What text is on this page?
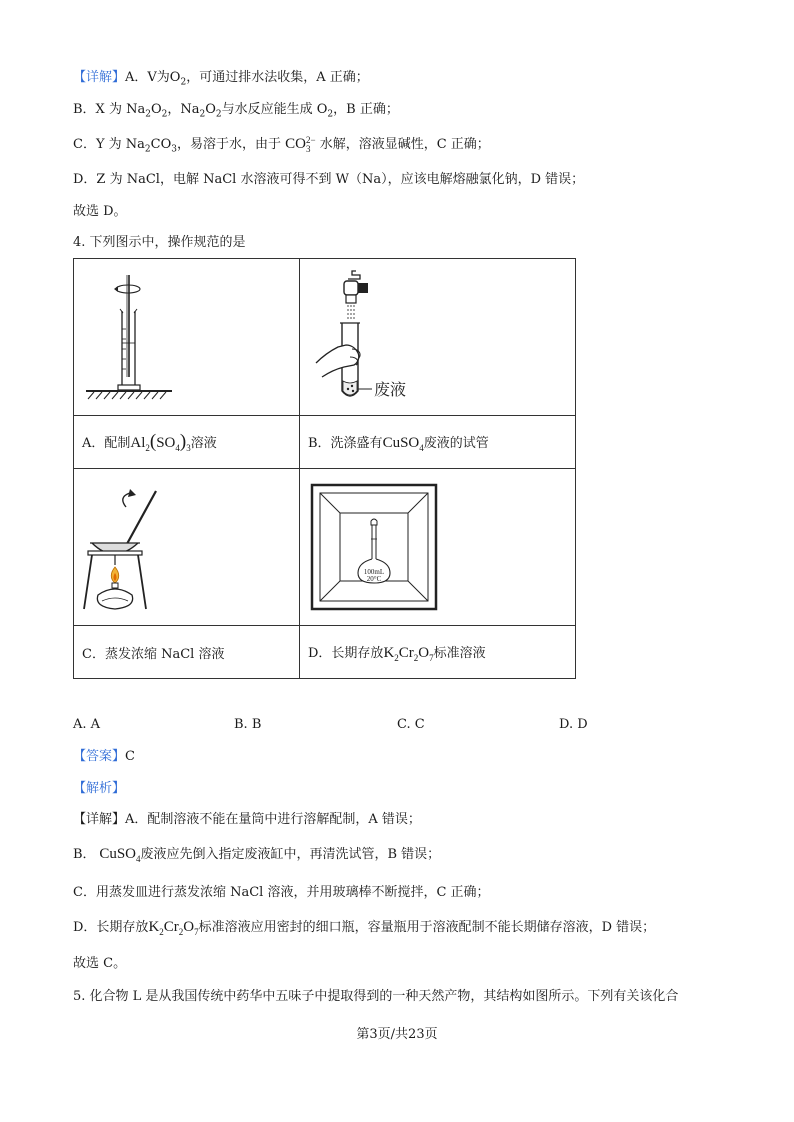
【详解】A．V为$O_2$，可通过排水法收集，A 正确；
B．X 为 $Na_2O_2$，$Na_2O_2$与水反应能生成 $O_2$，B 正确；
C．Y 为 $Na_2CO_3$，易溶于水，由于 CO 2−
3 水解，溶液显碱性，C 正确；
D．Z 为 NaCl，电解 NaCl 水溶液可得不到 W（Na），应该电解熔融氯化钠，D 错误；
故选 D。
4. 下列图示中，操作规范的是

废液

A．配制$Al_2(SO_4)_3$溶液	B．洗涤盛有CuSO$_4$废液的试管

100mL
20°C

C．蒸发浓缩 NaCl 溶液	D．长期存放$K_2Cr_2O_7$标准溶液
A. A	B. B	C. C	D. D
【答案】C
【解析】
【详解】A．配制溶液不能在量筒中进行溶解配制，A 错误；
B． CuSO$_4$废液应先倒入指定废液缸中，再清洗试管，B 错误；
C．用蒸发皿进行蒸发浓缩 NaCl 溶液，并用玻璃棒不断搅拌，C 正确；
D．长期存放$K_2Cr_2O_7$标准溶液应用密封的细口瓶，容量瓶用于溶液配制不能长期储存溶液，D 错误；
故选 C。
5. 化合物 L 是从我国传统中药华中五味子中提取得到的一种天然产物，其结构如图所示。下列有关该化合
第3页/共23页
